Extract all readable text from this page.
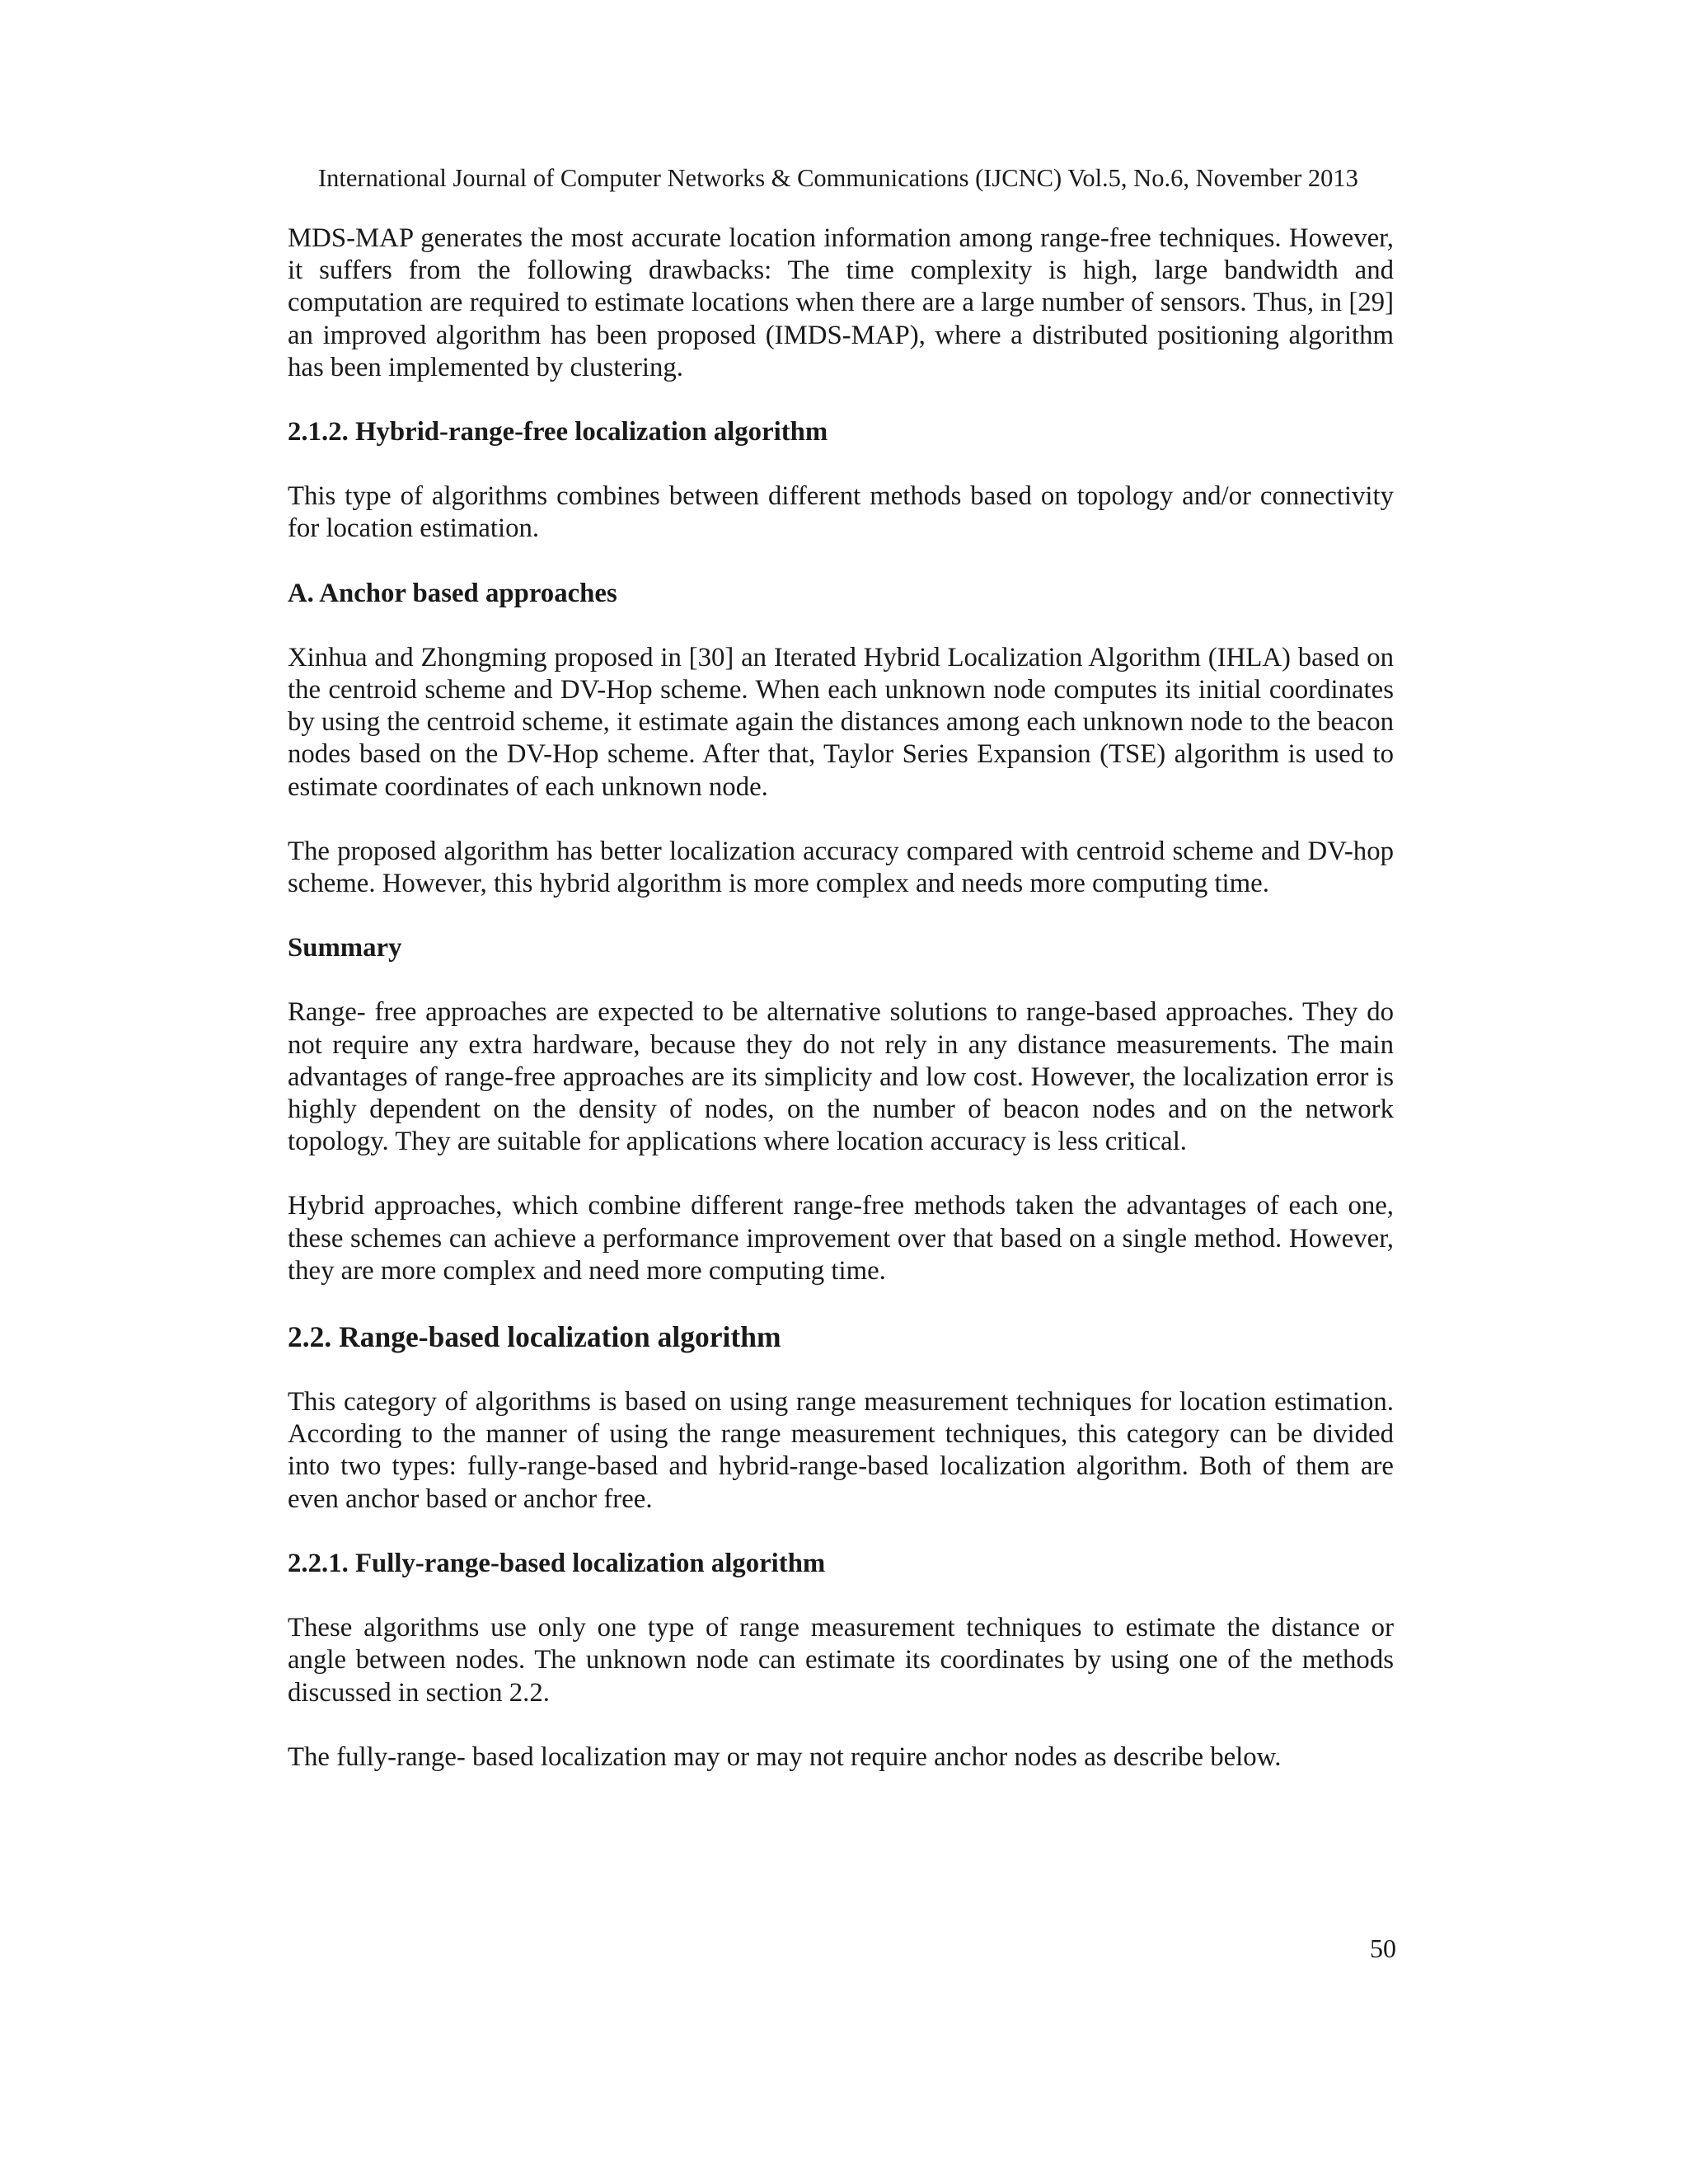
International Journal of Computer Networks & Communications (IJCNC) Vol.5, No.6, November 2013

MDS-MAP generates the most accurate location information among range-free techniques. However, it suffers from the following drawbacks: The time complexity is high, large bandwidth and computation are required to estimate locations when there are a large number of sensors. Thus, in [29] an improved algorithm has been proposed (IMDS-MAP), where a distributed positioning algorithm has been implemented by clustering.

2.1.2. Hybrid-range-free localization algorithm

This type of algorithms combines between different methods based on topology and/or connectivity for location estimation.

A. Anchor based approaches

Xinhua and Zhongming proposed in [30] an Iterated Hybrid Localization Algorithm (IHLA) based on the centroid scheme and DV-Hop scheme. When each unknown node computes its initial coordinates by using the centroid scheme, it estimate again the distances among each unknown node to the beacon nodes based on the DV-Hop scheme. After that, Taylor Series Expansion (TSE) algorithm is used to estimate coordinates of each unknown node.

The proposed algorithm has better localization accuracy compared with centroid scheme and DV-hop scheme. However, this hybrid algorithm is more complex and needs more computing time.

Summary

Range- free approaches are expected to be alternative solutions to range-based approaches. They do not require any extra hardware, because they do not rely in any distance measurements. The main advantages of range-free approaches are its simplicity and low cost. However, the localization error is highly dependent on the density of nodes, on the number of beacon nodes and on the network topology. They are suitable for applications where location accuracy is less critical.

Hybrid approaches, which combine different range-free methods taken the advantages of each one, these schemes can achieve a performance improvement over that based on a single method. However, they are more complex and need more computing time.

2.2. Range-based localization algorithm

This category of algorithms is based on using range measurement techniques for location estimation. According to the manner of using the range measurement techniques, this category can be divided into two types: fully-range-based and hybrid-range-based localization algorithm. Both of them are even anchor based or anchor free.

2.2.1. Fully-range-based localization algorithm

These algorithms use only one type of range measurement techniques to estimate the distance or angle between nodes. The unknown node can estimate its coordinates by using one of the methods discussed in section 2.2.

The fully-range- based localization may or may not require anchor nodes as describe below.

50
